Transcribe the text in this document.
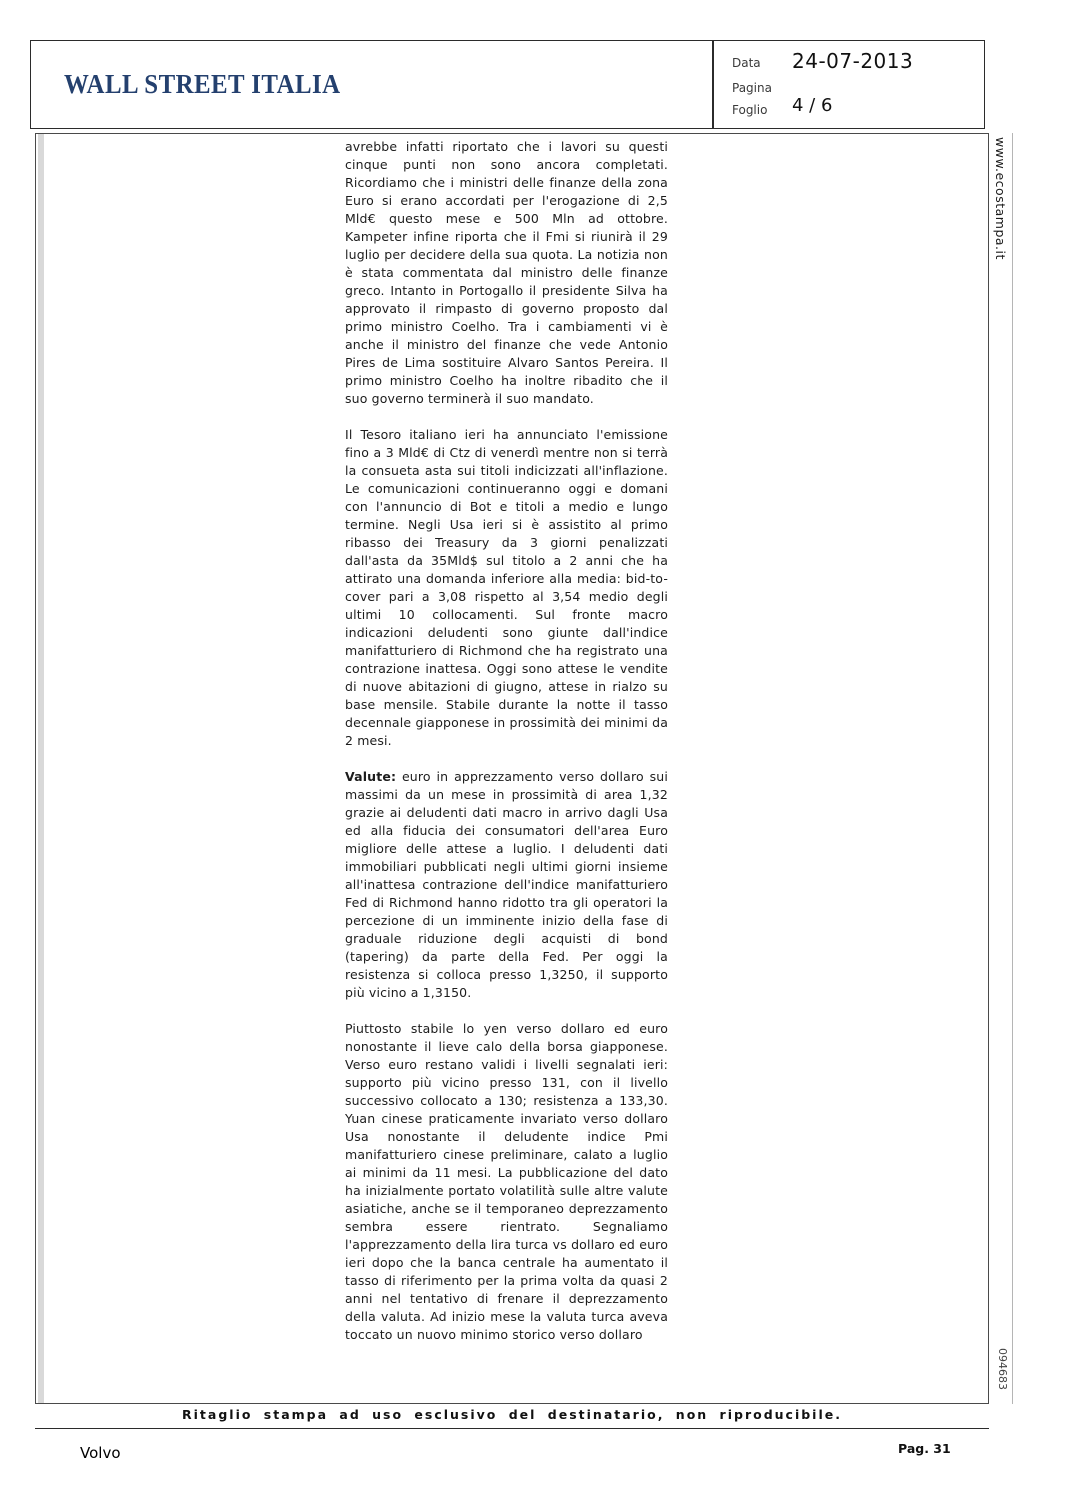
WALL STREET ITALIA
Data 24-07-2013
Pagina
Foglio 4 / 6

avrebbe infatti riportato che i lavori su questi cinque punti non sono ancora completati. Ricordiamo che i ministri delle finanze della zona Euro si erano accordati per l'erogazione di 2,5 Mld€ questo mese e 500 Mln ad ottobre. Kampeter infine riporta che il Fmi si riunirà il 29 luglio per decidere della sua quota. La notizia non è stata commentata dal ministro delle finanze greco. Intanto in Portogallo il presidente Silva ha approvato il rimpasto di governo proposto dal primo ministro Coelho. Tra i cambiamenti vi è anche il ministro del finanze che vede Antonio Pires de Lima sostituire Alvaro Santos Pereira. Il primo ministro Coelho ha inoltre ribadito che il suo governo terminerà il suo mandato.

Il Tesoro italiano ieri ha annunciato l'emissione fino a 3 Mld€ di Ctz di venerdì mentre non si terrà la consueta asta sui titoli indicizzati all'inflazione. Le comunicazioni continueranno oggi e domani con l'annuncio di Bot e titoli a medio e lungo termine. Negli Usa ieri si è assistito al primo ribasso dei Treasury da 3 giorni penalizzati dall'asta da 35Mld$ sul titolo a 2 anni che ha attirato una domanda inferiore alla media: bid-to-cover pari a 3,08 rispetto al 3,54 medio degli ultimi 10 collocamenti. Sul fronte macro indicazioni deludenti sono giunte dall'indice manifatturiero di Richmond che ha registrato una contrazione inattesa. Oggi sono attese le vendite di nuove abitazioni di giugno, attese in rialzo su base mensile. Stabile durante la notte il tasso decennale giapponese in prossimità dei minimi da 2 mesi.

Valute: euro in apprezzamento verso dollaro sui massimi da un mese in prossimità di area 1,32 grazie ai deludenti dati macro in arrivo dagli Usa ed alla fiducia dei consumatori dell'area Euro migliore delle attese a luglio. I deludenti dati immobiliari pubblicati negli ultimi giorni insieme all'inattesa contrazione dell'indice manifatturiero Fed di Richmond hanno ridotto tra gli operatori la percezione di un imminente inizio della fase di graduale riduzione degli acquisti di bond (tapering) da parte della Fed. Per oggi la resistenza si colloca presso 1,3250, il supporto più vicino a 1,3150.

Piuttosto stabile lo yen verso dollaro ed euro nonostante il lieve calo della borsa giapponese. Verso euro restano validi i livelli segnalati ieri: supporto più vicino presso 131, con il livello successivo collocato a 130; resistenza a 133,30. Yuan cinese praticamente invariato verso dollaro Usa nonostante il deludente indice Pmi manifatturiero cinese preliminare, calato a luglio ai minimi da 11 mesi. La pubblicazione del dato ha inizialmente portato volatilità sulle altre valute asiatiche, anche se il temporaneo deprezzamento sembra essere rientrato. Segnaliamo l'apprezzamento della lira turca vs dollaro ed euro ieri dopo che la banca centrale ha aumentato il tasso di riferimento per la prima volta da quasi 2 anni nel tentativo di frenare il deprezzamento della valuta. Ad inizio mese la valuta turca aveva toccato un nuovo minimo storico verso dollaro

www.ecostampa.it
094683
Ritaglio stampa ad uso esclusivo del destinatario, non riproducibile.
Volvo	Pag. 31
